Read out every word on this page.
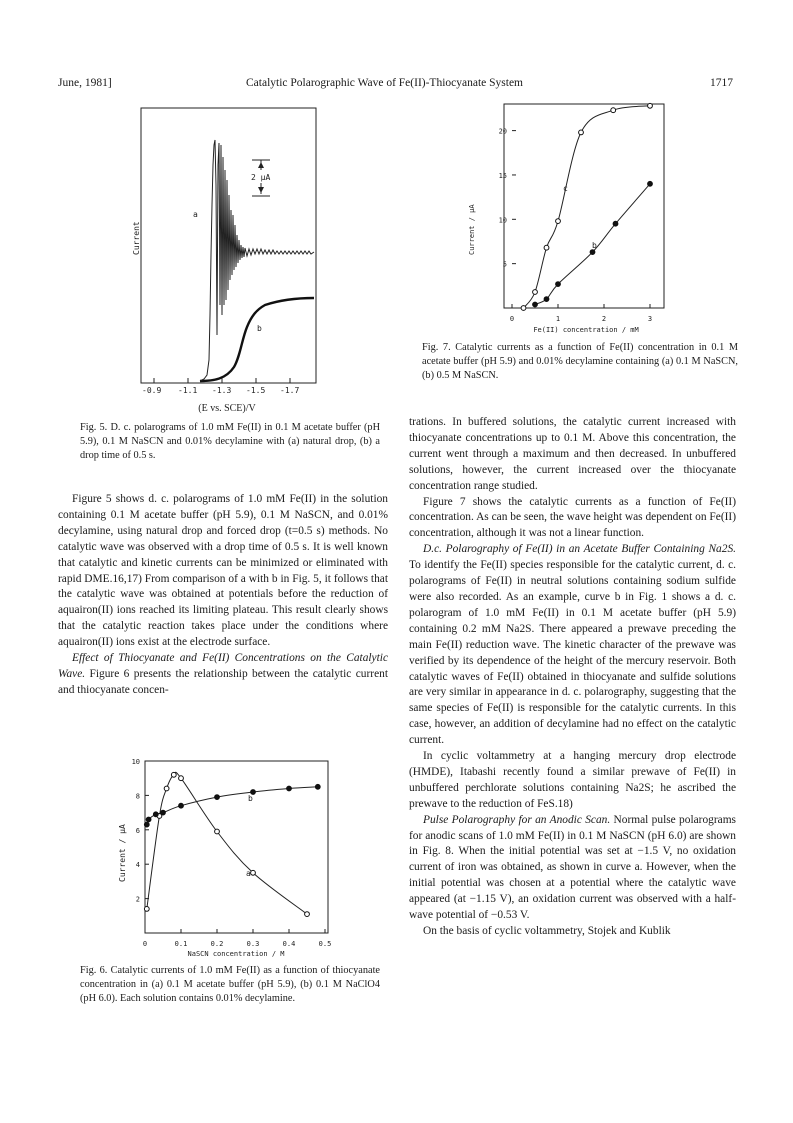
June, 1981]	Catalytic Polarographic Wave of Fe(II)-Thiocyanate System	1717
Current
2 μA
a
b
-0.9 -1.1 -1.3 -1.5 -1.7
(E vs. SCE)/V
Fig. 5. D. c. polarograms of 1.0 mM Fe(II) in 0.1 M acetate buffer (pH 5.9), 0.1 M NaSCN and 0.01% decylamine with (a) natural drop, (b) a drop time of 0.5 s.

Figure 5 shows d. c. polarograms of 1.0 mM Fe(II) in the solution containing 0.1 M acetate buffer (pH 5.9), 0.1 M NaSCN, and 0.01% decylamine, using natural drop and forced drop (t=0.5 s) methods. No catalytic wave was observed with a drop time of 0.5 s. It is well known that catalytic and kinetic currents can be minimized or eliminated with rapid DME.16,17) From comparison of a with b in Fig. 5, it follows that the catalytic wave was obtained at potentials before the reduction of aquairon(II) ions reached its limiting plateau. This result clearly shows that the catalytic reaction takes place under the conditions where aquairon(II) ions exist at the electrode surface.

Effect of Thiocyanate and Fe(II) Concentrations on the Catalytic Wave. Figure 6 presents the relationship between the catalytic current and thiocyanate concen-

0	0.1	0.2	0.3	0.4	0.5
2
4
6
8
10
Current / μA
NaSCN concentration / M
a
b
Fig. 6. Catalytic currents of 1.0 mM Fe(II) as a function of thiocyanate concentration in (a) 0.1 M acetate buffer (pH 5.9), (b) 0.1 M NaClO4 (pH 6.0). Each solution contains 0.01% decylamine.
0	1	2	3
5
10
15
20
Current / μA
Fe(II) concentration / mM
c
b
Fig. 7. Catalytic currents as a function of Fe(II) concentration in 0.1 M acetate buffer (pH 5.9) and 0.01% decylamine containing (a) 0.1 M NaSCN, (b) 0.5 M NaSCN.

trations. In buffered solutions, the catalytic current increased with thiocyanate concentrations up to 0.1 M. Above this concentration, the current went through a maximum and then decreased. In unbuffered solutions, however, the current increased over the thiocyanate concentration range studied.

Figure 7 shows the catalytic currents as a function of Fe(II) concentration. As can be seen, the wave height was dependent on Fe(II) concentration, although it was not a linear function.

D.c. Polarography of Fe(II) in an Acetate Buffer Containing Na2S. To identify the Fe(II) species responsible for the catalytic current, d. c. polarograms of Fe(II) in neutral solutions containing sodium sulfide were also recorded. As an example, curve b in Fig. 1 shows a d. c. polarogram of 1.0 mM Fe(II) in 0.1 M acetate buffer (pH 5.9) containing 0.2 mM Na2S. There appeared a prewave preceding the main Fe(II) reduction wave. The kinetic character of the prewave was verified by its dependence of the height of the mercury reservoir. Both catalytic waves of Fe(II) obtained in thiocyanate and sulfide solutions are very similar in appearance in d. c. polarography, suggesting that the same species of Fe(II) is responsible for the catalytic currents. In this case, however, an addition of decylamine had no effect on the catalytic current.

In cyclic voltammetry at a hanging mercury drop electrode (HMDE), Itabashi recently found a similar prewave of Fe(II) in unbuffered perchlorate solutions containing Na2S; he ascribed the prewave to the reduction of FeS.18)

Pulse Polarography for an Anodic Scan. Normal pulse polarograms for anodic scans of 1.0 mM Fe(II) in 0.1 M NaSCN (pH 6.0) are shown in Fig. 8. When the initial potential was set at −1.5 V, no oxidation current of iron was obtained, as shown in curve a. However, when the initial potential was chosen at a potential where the catalytic wave appeared (at −1.15 V), an oxidation current was observed with a half-wave potential of −0.53 V.

On the basis of cyclic voltammetry, Stojek and Kublik
